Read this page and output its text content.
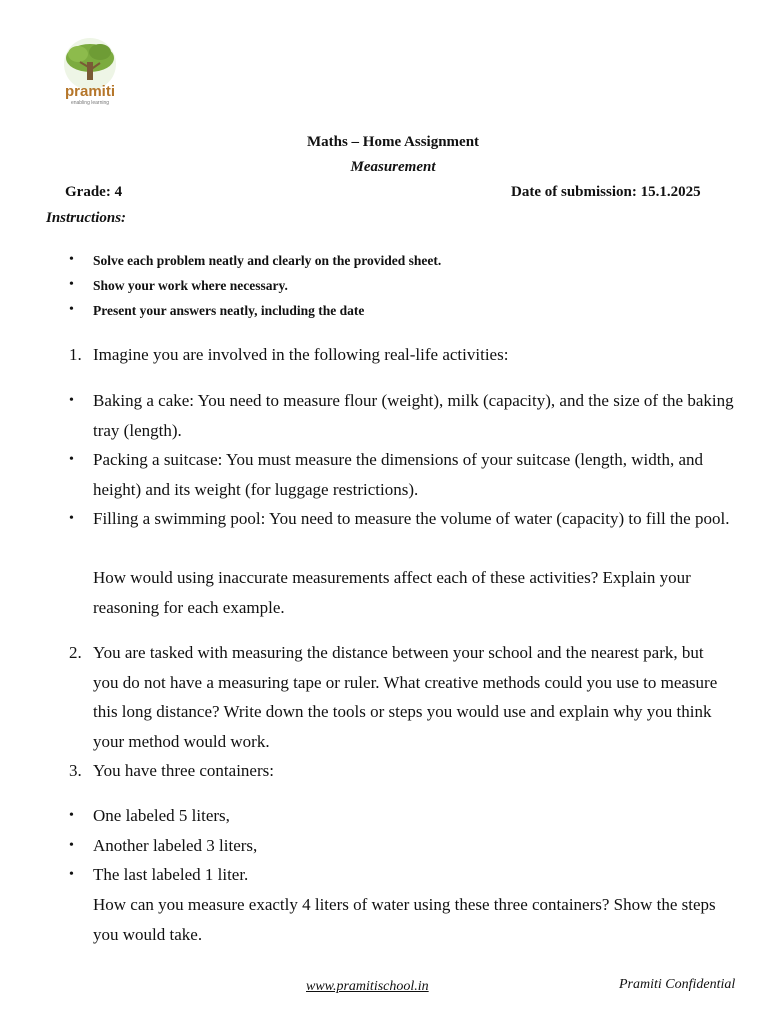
pramiti
enabling learning
Maths – Home Assignment
Measurement
Grade: 4	Date of submission: 15.1.2025
Instructions:
• Solve each problem neatly and clearly on the provided sheet.
• Show your work where necessary.
• Present your answers neatly, including the date
1. Imagine you are involved in the following real-life activities:
• Baking a cake: You need to measure flour (weight), milk (capacity), and the size of the baking tray (length).
• Packing a suitcase: You must measure the dimensions of your suitcase (length, width, and height) and its weight (for luggage restrictions).
• Filling a swimming pool: You need to measure the volume of water (capacity) to fill the pool.
How would using inaccurate measurements affect each of these activities? Explain your reasoning for each example.
2. You are tasked with measuring the distance between your school and the nearest park, but you do not have a measuring tape or ruler. What creative methods could you use to measure this long distance? Write down the tools or steps you would use and explain why you think your method would work.
3. You have three containers:
• One labeled 5 liters,
• Another labeled 3 liters,
• The last labeled 1 liter.
How can you measure exactly 4 liters of water using these three containers? Show the steps you would take.
www.pramitischool.in	Pramiti Confidential
